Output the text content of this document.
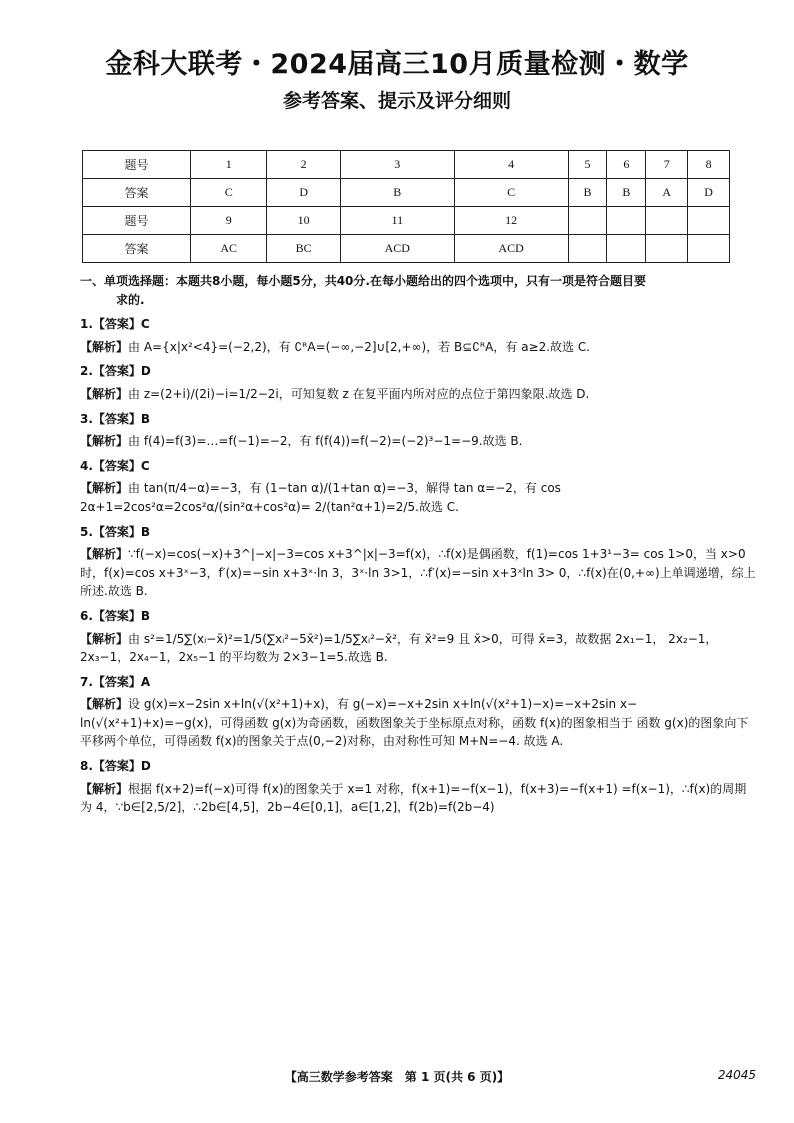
金科大联考・2024届高三10月质量检测・数学
参考答案、提示及评分细则
题号	1	2	3	4	5	6	7	8
答案	C	D	B	C	B	B	A	D
题号	9	10	11	12				
答案	AC	BC	ACD	ACD				
一、单项选择题：本题共8小题，每小题5分，共40分.在每小题给出的四个选项中，只有一项是符合题目要
求的.
1.【答案】C
【解析】由 A={x|x²<4}=(−2,2)，有 ∁ᴿA=(−∞,−2]∪[2,+∞)，若 B⊆∁ᴿA，有 a≥2.故选 C.
2.【答案】D
【解析】由 z=(2+i)/(2i)−i=1/2−2i，可知复数 z 在复平面内所对应的点位于第四象限.故选 D.
3.【答案】B
【解析】由 f(4)=f(3)=…=f(−1)=−2，有 f(f(4))=f(−2)=(−2)³−1=−9.故选 B.
4.【答案】C
【解析】由 tan(π/4−α)=−3，有 (1−tan α)/(1+tan α)=−3，解得 tan α=−2，有 cos 2α+1=2cos²α=2cos²α/(sin²α+cos²α)= 2/(tan²α+1)=2/5.故选 C.
5.【答案】B
【解析】∵f(−x)=cos(−x)+3^|−x|−3=cos x+3^|x|−3=f(x)，∴f(x)是偶函数，f(1)=cos 1+3¹−3= cos 1>0，当 x>0 时，f(x)=cos x+3ˣ−3，f′(x)=−sin x+3ˣ·ln 3，3ˣ·ln 3>1，∴f′(x)=−sin x+3ˣln 3> 0，∴f(x)在(0,+∞)上单调递增，综上所述.故选 B.
6.【答案】B
【解析】由 s²=1/5∑(xᵢ−x̄)²=1/5(∑xᵢ²−5x̄²)=1/5∑xᵢ²−x̄²，有 x̄²=9 且 x̄>0，可得 x̄=3，故数据 2x₁−1， 2x₂−1，2x₃−1，2x₄−1，2x₅−1 的平均数为 2×3−1=5.故选 B.
7.【答案】A
【解析】设 g(x)=x−2sin x+ln(√(x²+1)+x)，有 g(−x)=−x+2sin x+ln(√(x²+1)−x)=−x+2sin x− ln(√(x²+1)+x)=−g(x)，可得函数 g(x)为奇函数，函数图象关于坐标原点对称，函数 f(x)的图象相当于 函数 g(x)的图象向下平移两个单位，可得函数 f(x)的图象关于点(0,−2)对称，由对称性可知 M+N=−4. 故选 A.
8.【答案】D
【解析】根据 f(x+2)=f(−x)可得 f(x)的图象关于 x=1 对称，f(x+1)=−f(x−1)，f(x+3)=−f(x+1) =f(x−1)，∴f(x)的周期为 4，∵b∈[2,5/2]，∴2b∈[4,5]，2b−4∈[0,1]，a∈[1,2]，f(2b)=f(2b−4)
【高三数学参考答案　第 1 页(共 6 页)】	24045
